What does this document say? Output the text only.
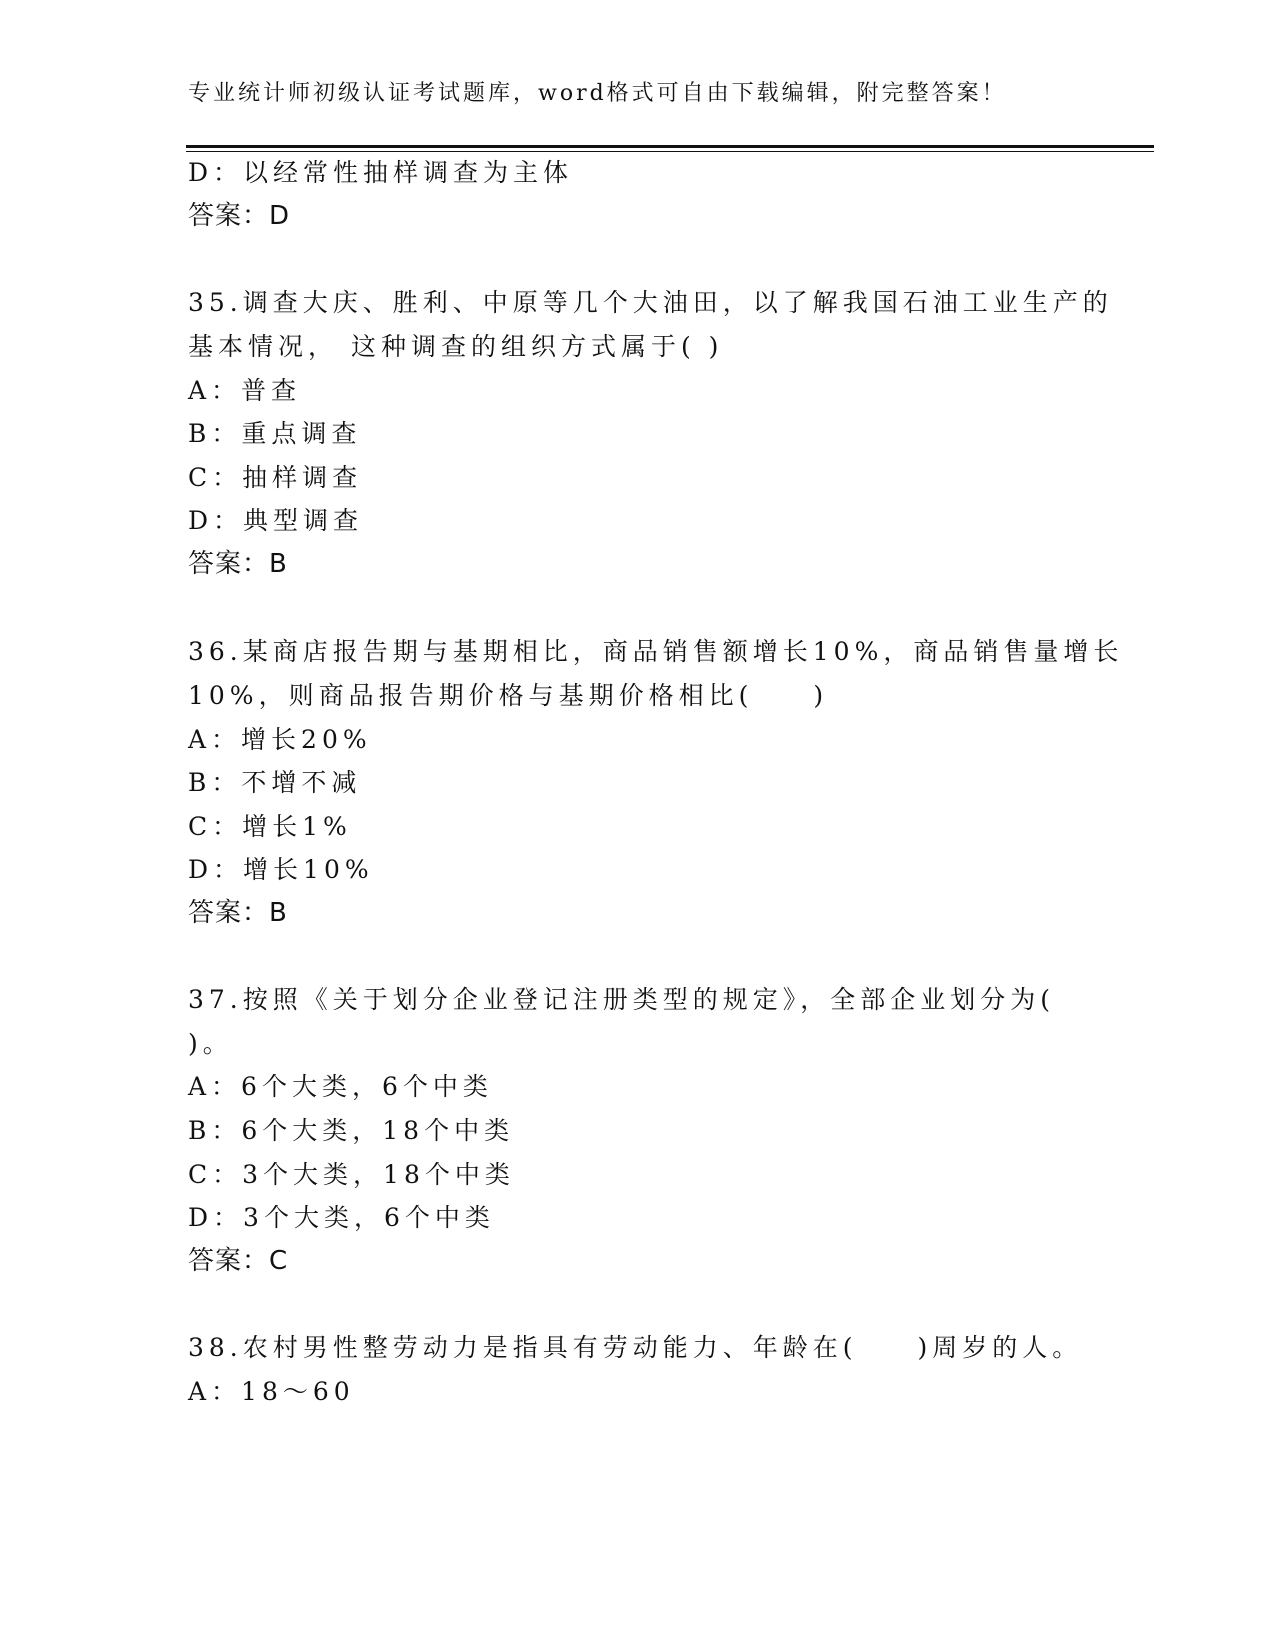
专业统计师初级认证考试题库，word格式可自由下载编辑，附完整答案！
D：以经常性抽样调查为主体
答案：D
35.调查大庆、胜利、中原等几个大油田，以了解我国石油工业生产的
基本情况， 这种调查的组织方式属于( )
A：普查
B：重点调查
C：抽样调查
D：典型调查
答案：B
36.某商店报告期与基期相比，商品销售额增长10%，商品销售量增长
10%，则商品报告期价格与基期价格相比(　　)
A：增长20%
B：不增不减
C：增长1%
D：增长10%
答案：B
37.按照《关于划分企业登记注册类型的规定》，全部企业划分为(
)。
A：6个大类，6个中类
B：6个大类，18个中类
C：3个大类，18个中类
D：3个大类，6个中类
答案：C
38.农村男性整劳动力是指具有劳动能力、年龄在(　　)周岁的人。
A：18～60
